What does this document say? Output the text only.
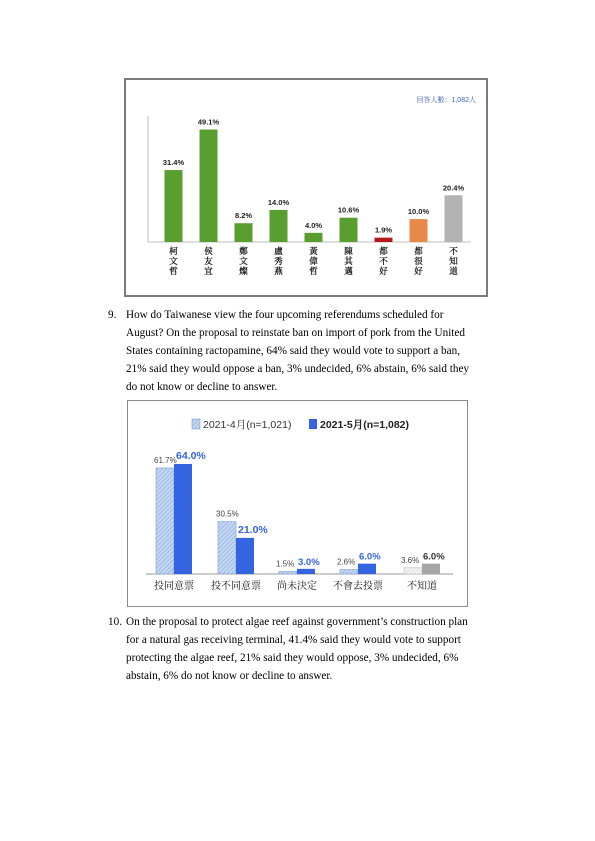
回答人數：1,082人
31.4%
柯文哲
49.1%
侯友宜
8.2%
鄭文燦
14.0%
盧秀燕
4.0%
黃偉哲
10.6%
陳其邁
1.9%
都不好
10.0%
都很好
20.4%
不知道
9. How do Taiwanese view the four upcoming referendums scheduled for
August? On the proposal to reinstate ban on import of pork from the United
States containing ractopamine, 64% said they would vote to support a ban,
21% said they would oppose a ban, 3% undecided, 6% abstain, 6% said they
do not know or decline to answer.
2021-4月(n=1,021)	2021-5月(n=1,082)
61.7% 64.0%
投同意票
30.5%
21.0%
投不同意票
1.5% 3.0%
尚未決定
2.6% 6.0%
不會去投票
3.6% 6.0%
不知道
10. On the proposal to protect algae reef against government’s construction plan
for a natural gas receiving terminal, 41.4% said they would vote to support
protecting the algae reef, 21% said they would oppose, 3% undecided, 6%
abstain, 6% do not know or decline to answer.
